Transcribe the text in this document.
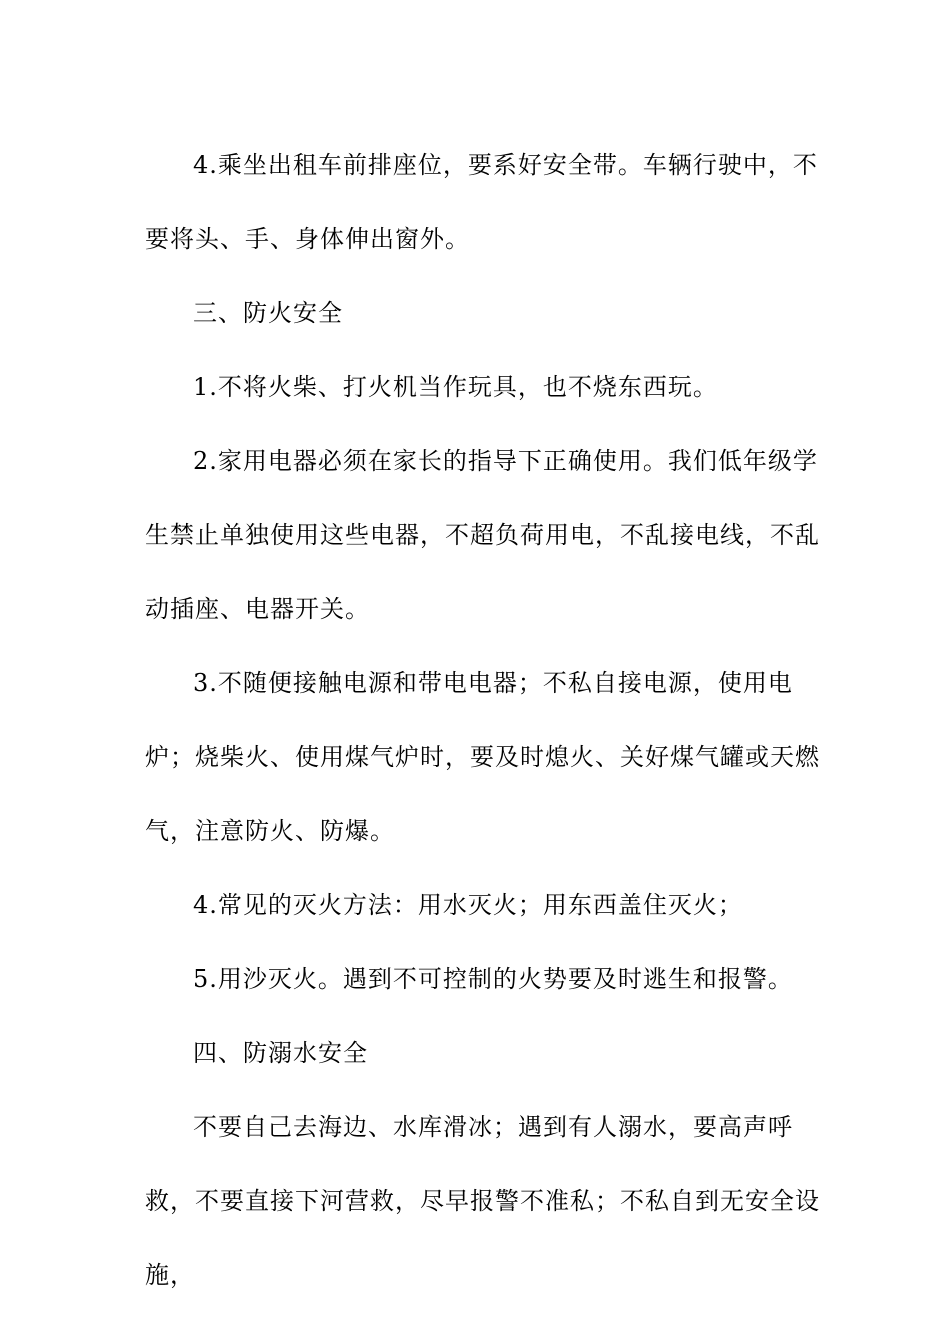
4.乘坐出租车前排座位，要系好安全带。车辆行驶中，不要将头、手、身体伸出窗外。

三、防火安全

1.不将火柴、打火机当作玩具，也不烧东西玩。

2.家用电器必须在家长的指导下正确使用。我们低年级学生禁止单独使用这些电器，不超负荷用电，不乱接电线，不乱动插座、电器开关。

3.不随便接触电源和带电电器；不私自接电源，使用电炉；烧柴火、使用煤气炉时，要及时熄火、关好煤气罐或天燃气，注意防火、防爆。

4.常见的灭火方法：用水灭火；用东西盖住灭火；

5.用沙灭火。遇到不可控制的火势要及时逃生和报警。

四、防溺水安全

不要自己去海边、水库滑冰；遇到有人溺水，要高声呼救，不要直接下河营救，尽早报警不准私；不私自到无安全设施，
